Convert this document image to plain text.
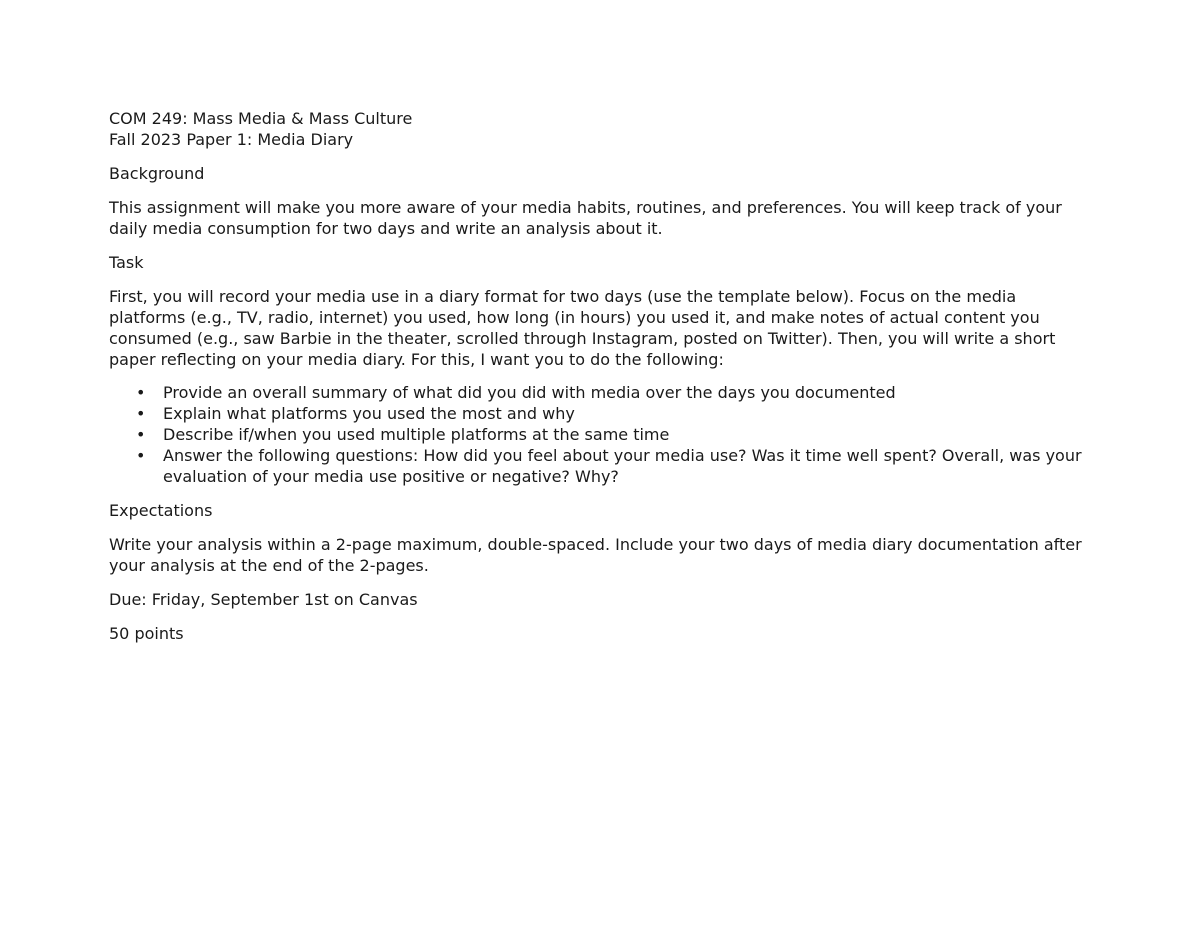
COM 249: Mass Media & Mass Culture

Fall 2023 Paper 1: Media Diary

Background

This assignment will make you more aware of your media habits, routines, and preferences. You will keep track of your daily media consumption for two days and write an analysis about it.

Task

First, you will record your media use in a diary format for two days (use the template below). Focus on the media platforms (e.g., TV, radio, internet) you used, how long (in hours) you used it, and make notes of actual content you consumed (e.g., saw Barbie in the theater, scrolled through Instagram, posted on Twitter). Then, you will write a short paper reflecting on your media diary. For this, I want you to do the following:

• Provide an overall summary of what did you did with media over the days you documented
• Explain what platforms you used the most and why
• Describe if/when you used multiple platforms at the same time
• Answer the following questions: How did you feel about your media use? Was it time well spent? Overall, was your evaluation of your media use positive or negative? Why?

Expectations

Write your analysis within a 2-page maximum, double-spaced. Include your two days of media diary documentation after your analysis at the end of the 2-pages.

Due: Friday, September 1st on Canvas

50 points
